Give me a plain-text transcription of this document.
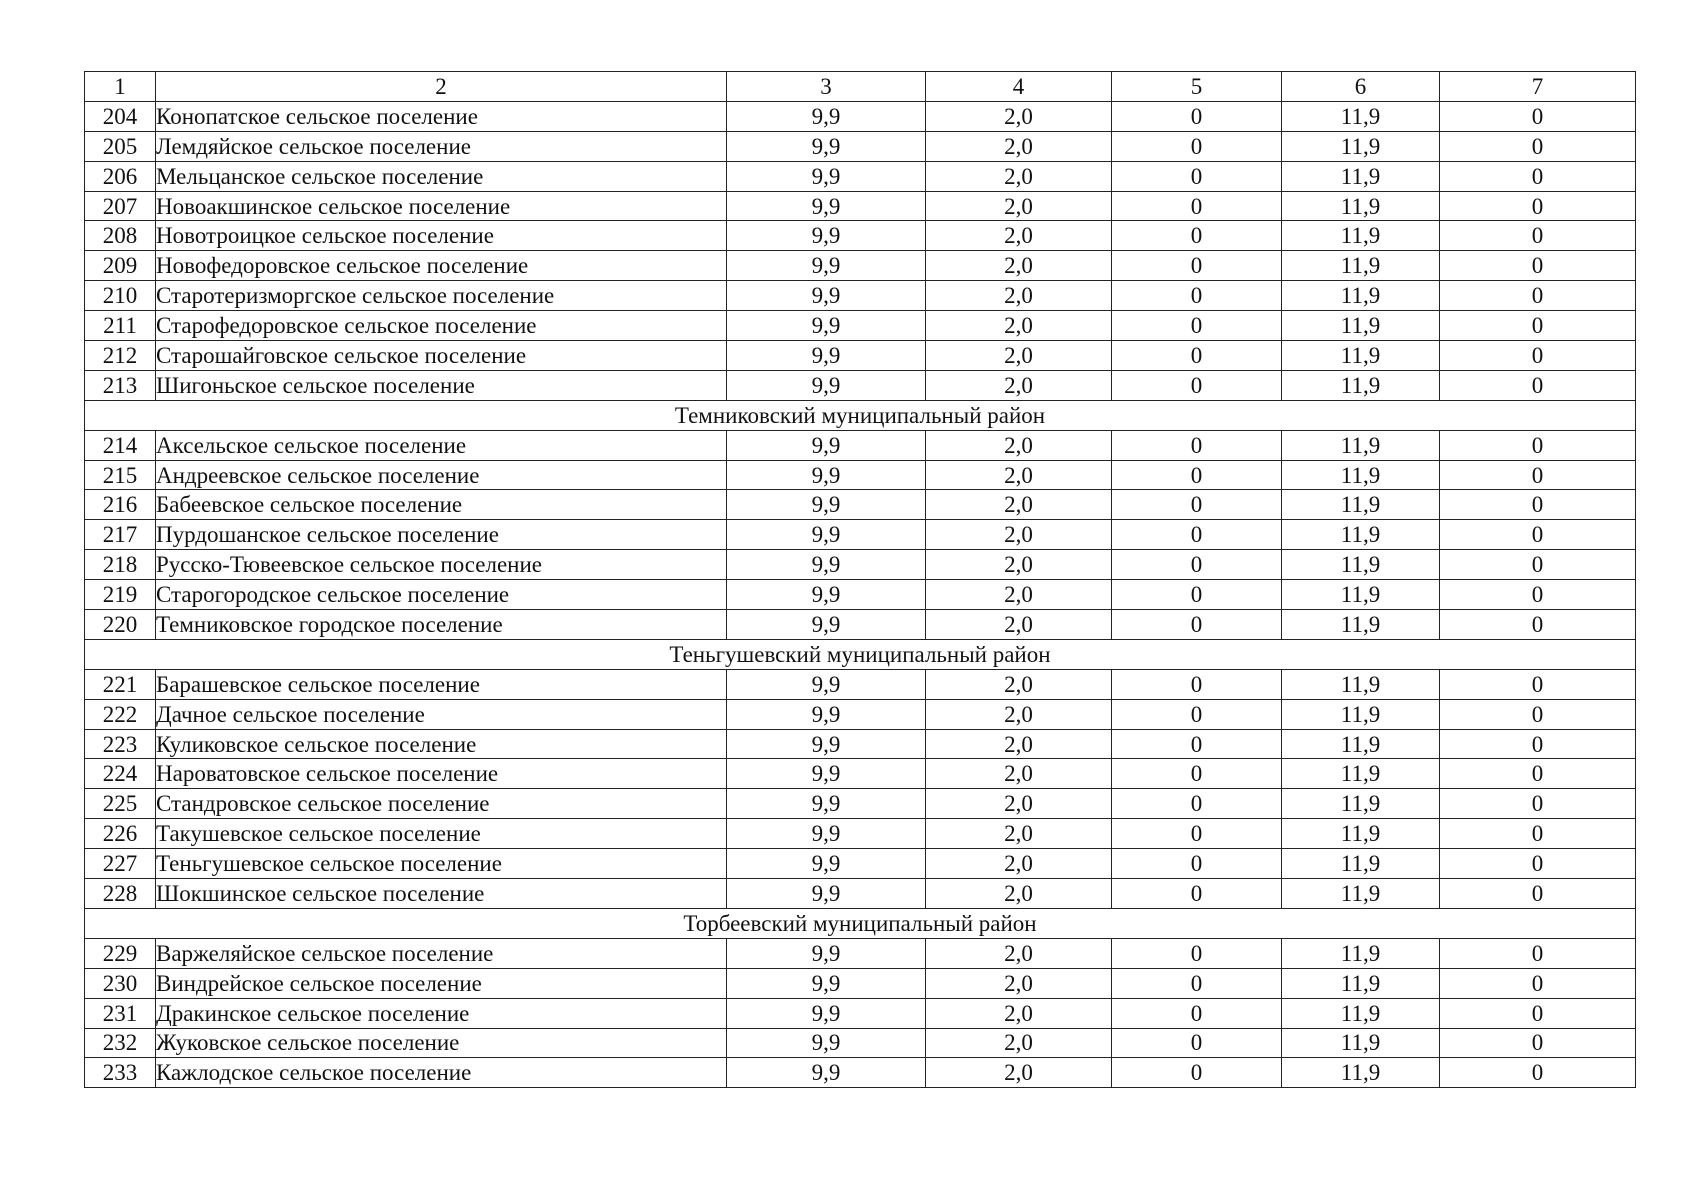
1	2	3	4	5	6	7
204	Конопатское сельское поселение	9,9	2,0	0	11,9	0
205	Лемдяйское сельское поселение	9,9	2,0	0	11,9	0
206	Мельцанское сельское поселение	9,9	2,0	0	11,9	0
207	Новоакшинское сельское поселение	9,9	2,0	0	11,9	0
208	Новотроицкое сельское поселение	9,9	2,0	0	11,9	0
209	Новофедоровское сельское поселение	9,9	2,0	0	11,9	0
210	Старотеризморгское сельское поселение	9,9	2,0	0	11,9	0
211	Старофедоровское сельское поселение	9,9	2,0	0	11,9	0
212	Старошайговское сельское поселение	9,9	2,0	0	11,9	0
213	Шигоньское сельское поселение	9,9	2,0	0	11,9	0
Темниковский муниципальный район						
214	Аксельское сельское поселение	9,9	2,0	0	11,9	0
215	Андреевское сельское поселение	9,9	2,0	0	11,9	0
216	Бабеевское сельское поселение	9,9	2,0	0	11,9	0
217	Пурдошанское сельское поселение	9,9	2,0	0	11,9	0
218	Русско-Тювеевское сельское поселение	9,9	2,0	0	11,9	0
219	Старогородское сельское поселение	9,9	2,0	0	11,9	0
220	Темниковское городское поселение	9,9	2,0	0	11,9	0
Теньгушевский муниципальный район						
221	Барашевское сельское поселение	9,9	2,0	0	11,9	0
222	Дачное сельское поселение	9,9	2,0	0	11,9	0
223	Куликовское сельское поселение	9,9	2,0	0	11,9	0
224	Нароватовское сельское поселение	9,9	2,0	0	11,9	0
225	Стандровское сельское поселение	9,9	2,0	0	11,9	0
226	Такушевское сельское поселение	9,9	2,0	0	11,9	0
227	Теньгушевское сельское поселение	9,9	2,0	0	11,9	0
228	Шокшинское сельское поселение	9,9	2,0	0	11,9	0
Торбеевский муниципальный район						
229	Варжеляйское сельское поселение	9,9	2,0	0	11,9	0
230	Виндрейское сельское поселение	9,9	2,0	0	11,9	0
231	Дракинское сельское поселение	9,9	2,0	0	11,9	0
232	Жуковское сельское поселение	9,9	2,0	0	11,9	0
233	Кажлодское сельское поселение	9,9	2,0	0	11,9	0
